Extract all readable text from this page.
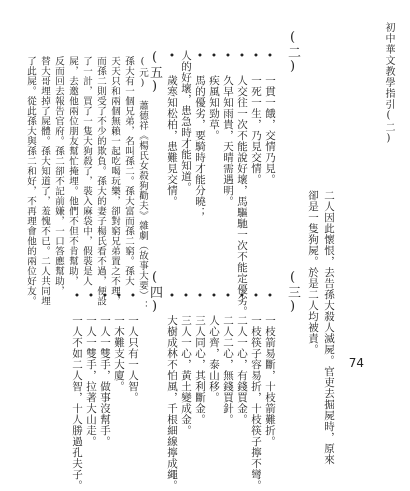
初中華文教學指引(二)
74
二人因此懷恨，去告孫大殺人滅屍。官吏去掘屍時，原來
卻是一隻狗屍。於是二人均被責。
(三)
• 一枝箭易斷，十枝箭難折。
• 一枝筷子容易折，十枝筷子擰不彎。
• 二人一心，有錢買金。
• 二人二心，無錢買針。
• 人心齊，泰山移。
• 三人同心，其利斷金。
• 三人一心，黃土變成金。
• 大樹成林不怕風，千根細線擰成繩。
(四)
• 一人只有一人智。
• 一木難支大廈。
• 一人一雙手，做事沒幫手。
• 一人一雙手，拉著大山走。
• 一人不如二人智，十人勝過孔夫子。
(五)
(元) 蕭德祥《楊氏女殺狗勸夫》雜劇（故事大要）：
孫大有一個兄弟，名叫孫二。孫大富而孫二窮。孫大
天天只和兩個無賴一起吃喝玩樂，卻對窮兄弟置之不理，
而孫二則受了不少的欺負。孫大的妻子楊氏看不過，便設
了一計，買了一隻大狗殺了，裝入麻袋中，假裝是人
屍，去邀他兩位朋友幫忙掩埋。他們不但不肯幫助，
反而回去報告官府。孫二卻不記前嫌，一口答應幫助，
替大哥埋掉了屍體。孫大知道了，羞愧不已。二人共同埋
了此屍。從此孫大與孫二和好，不再理會他的兩位好友。
(二)
• 一貫一餓，交情乃見。
• 一死一生，乃見交情。
• 人交往一次不能說好壞，馬驅馳一次不能定優劣。
• 久早知雨貴，天晴需遇明。
• 疾風知勁草。
• 馬的優劣，要騎時才能分曉；
人的好壞，患急時才能知道。
• 歲寒知松柏，患難見交情。
